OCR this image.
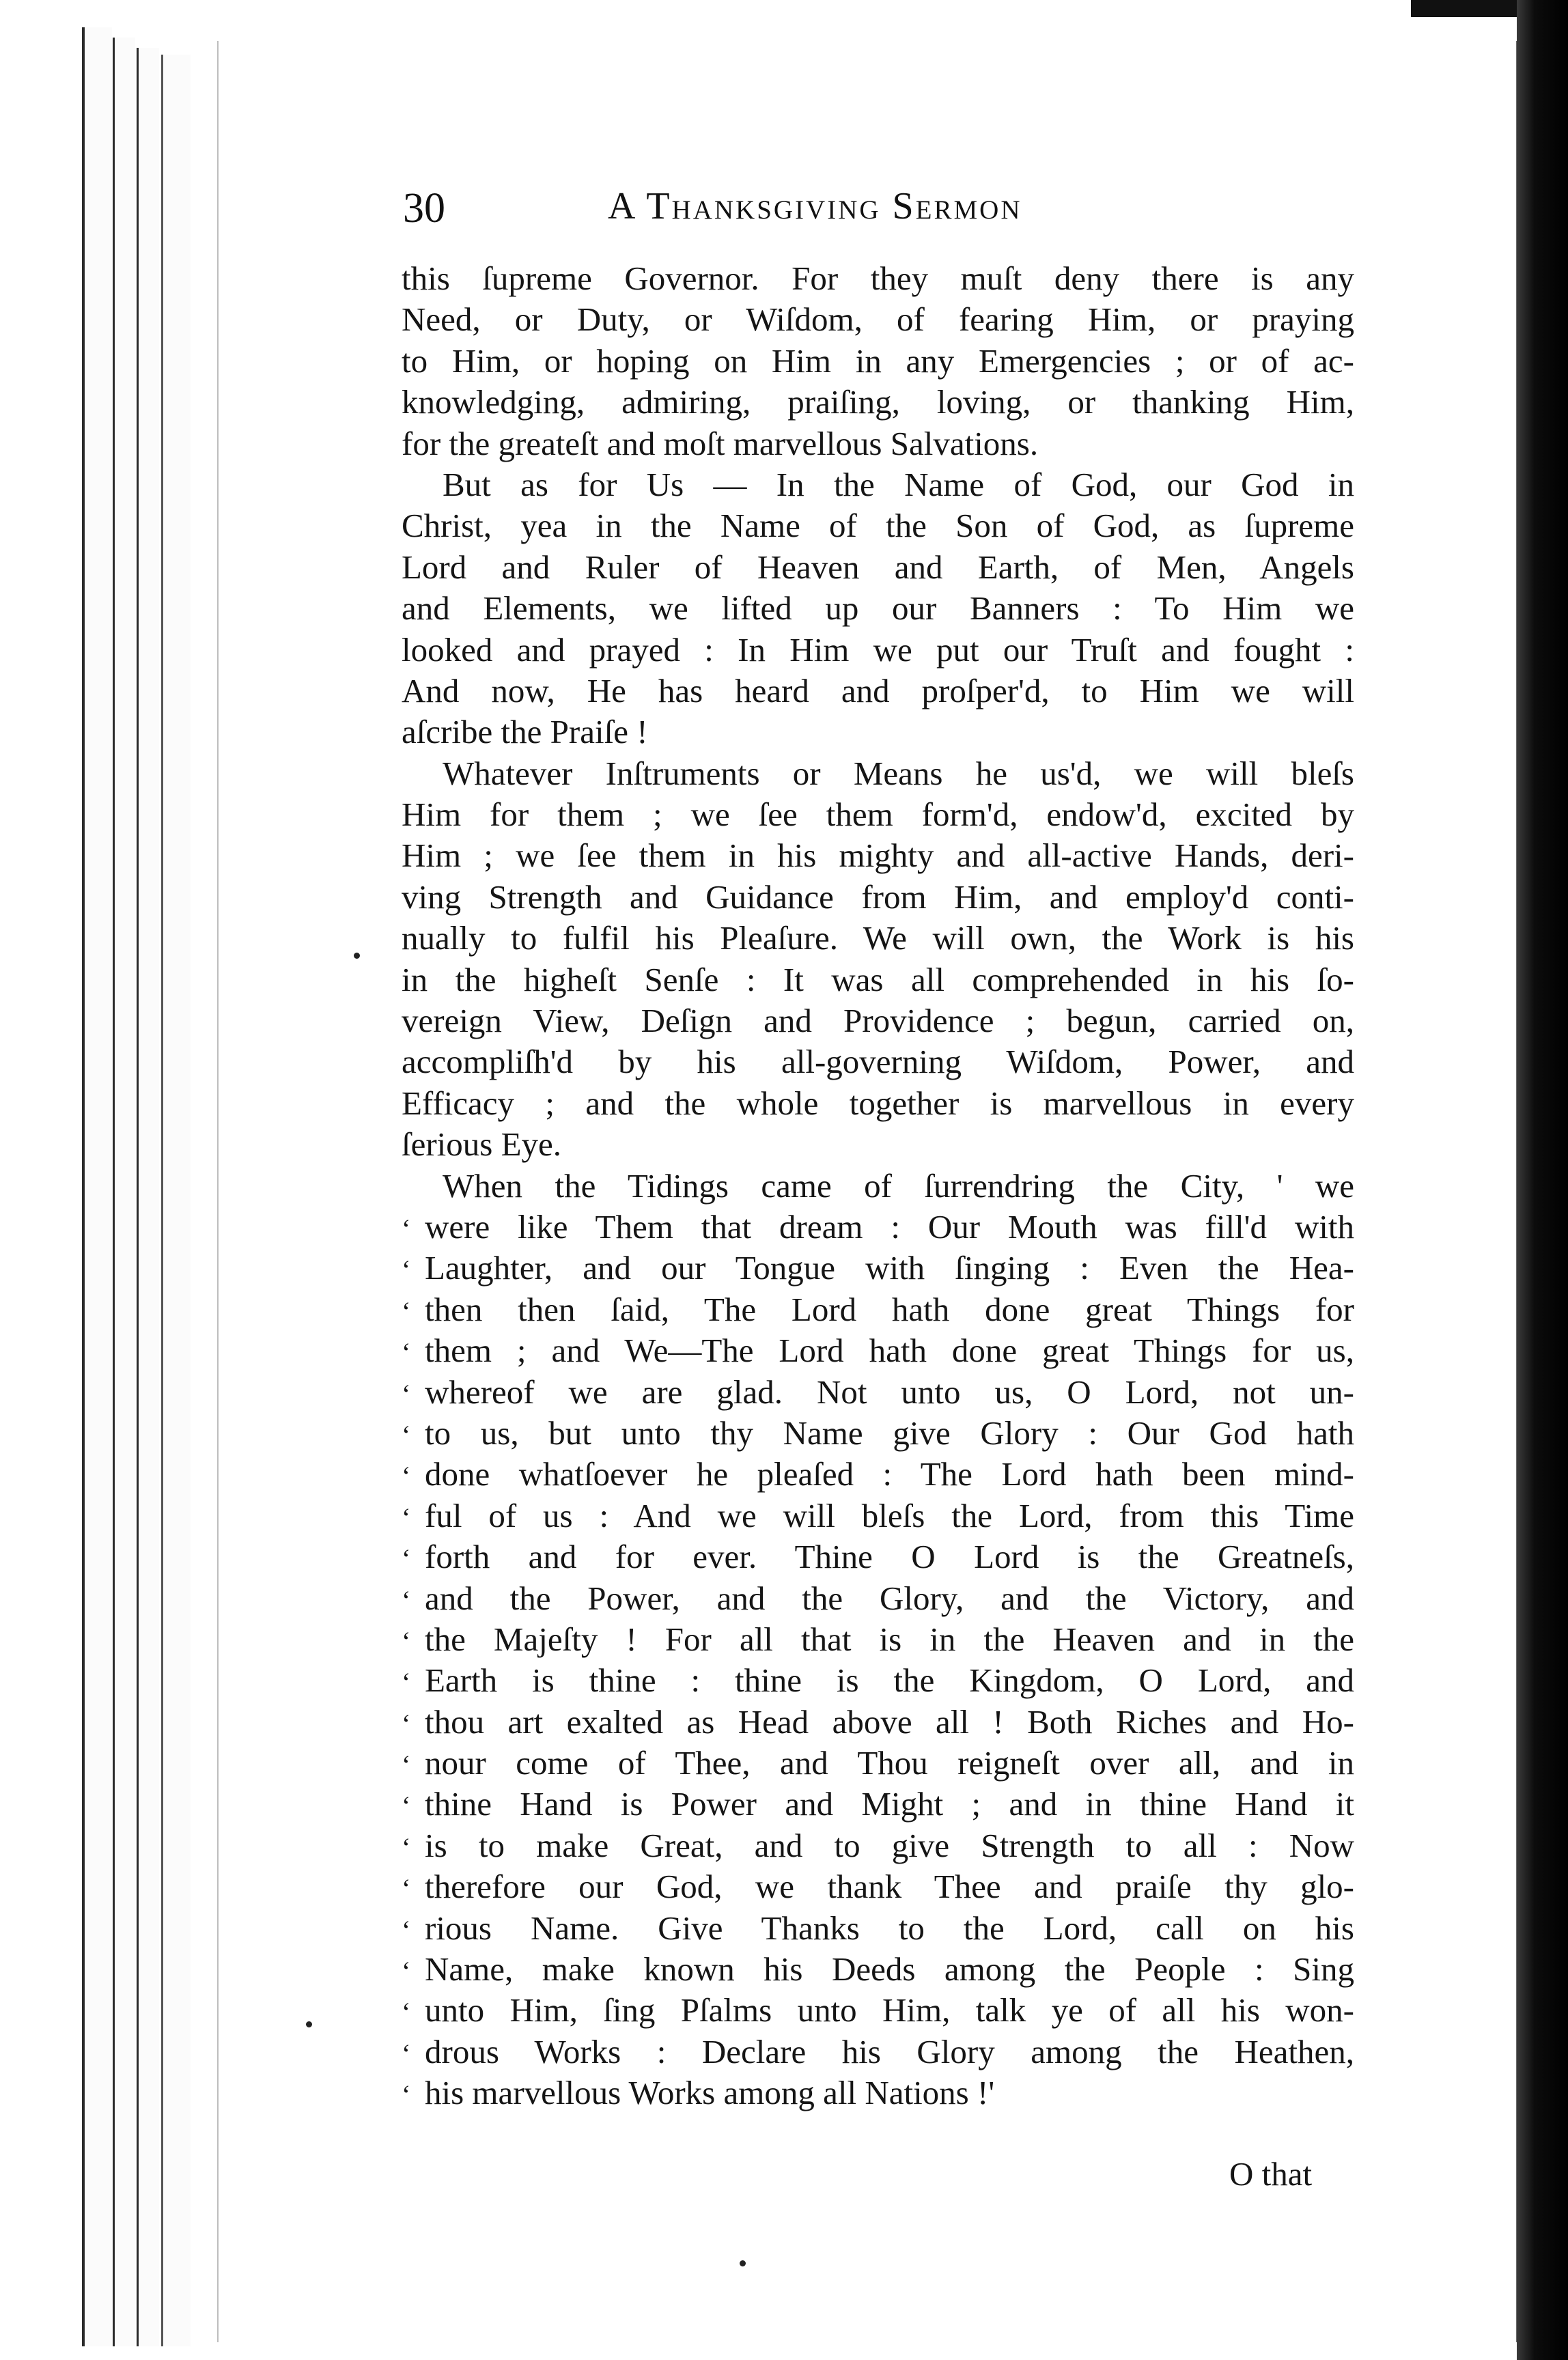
30	A Thanksgiving Sermon
this ſupreme Governor. For they muſt deny there is any
Need, or Duty, or Wiſdom, of fearing Him, or praying
to Him, or hoping on Him in any Emergencies ; or of ac-
knowledging, admiring, praiſing, loving, or thanking Him,
for the greateſt and moſt marvellous Salvations.
But as for Us — In the Name of God, our God in
Christ, yea in the Name of the Son of God, as ſupreme
Lord and Ruler of Heaven and Earth, of Men, Angels
and Elements, we lifted up our Banners : To Him we
looked and prayed : In Him we put our Truſt and fought :
And now, He has heard and proſper'd, to Him we will
aſcribe the Praiſe !
Whatever Inſtruments or Means he us'd, we will bleſs
Him for them ; we ſee them form'd, endow'd, excited by
Him ; we ſee them in his mighty and all-active Hands, deri-
ving Strength and Guidance from Him, and employ'd conti-
nually to fulfil his Pleaſure. We will own, the Work is his
in the higheſt Senſe : It was all comprehended in his ſo-
vereign View, Deſign and Providence ; begun, carried on,
accompliſh'd by his all-governing Wiſdom, Power, and
Efficacy ; and the whole together is marvellous in every
ſerious Eye.
When the Tidings came of ſurrendring the City, ' we
‘ were like Them that dream : Our Mouth was fill'd with
‘ Laughter, and our Tongue with ſinging : Even the Hea-
‘ then then ſaid, The Lord hath done great Things for
‘ them ; and We—The Lord hath done great Things for us,
‘ whereof we are glad. Not unto us, O Lord, not un-
‘ to us, but unto thy Name give Glory : Our God hath
‘ done whatſoever he pleaſed : The Lord hath been mind-
‘ ful of us : And we will bleſs the Lord, from this Time
‘ forth and for ever. Thine O Lord is the Greatneſs,
‘ and the Power, and the Glory, and the Victory, and
‘ the Majeſty ! For all that is in the Heaven and in the
‘ Earth is thine : thine is the Kingdom, O Lord, and
‘ thou art exalted as Head above all ! Both Riches and Ho-
‘ nour come of Thee, and Thou reigneſt over all, and in
‘ thine Hand is Power and Might ; and in thine Hand it
‘ is to make Great, and to give Strength to all : Now
‘ therefore our God, we thank Thee and praiſe thy glo-
‘ rious Name. Give Thanks to the Lord, call on his
‘ Name, make known his Deeds among the People : Sing
‘ unto Him, ſing Pſalms unto Him, talk ye of all his won-
‘ drous Works : Declare his Glory among the Heathen,
‘ his marvellous Works among all Nations !'
O that
